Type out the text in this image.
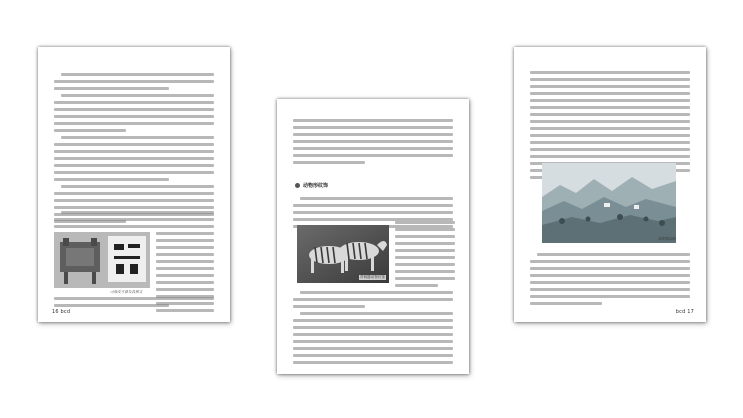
司母戊方鼎及其铭文
16 bcd
动物形纹饰
青铜器动物纹饰
清乾隆彩绘
bcd 17
